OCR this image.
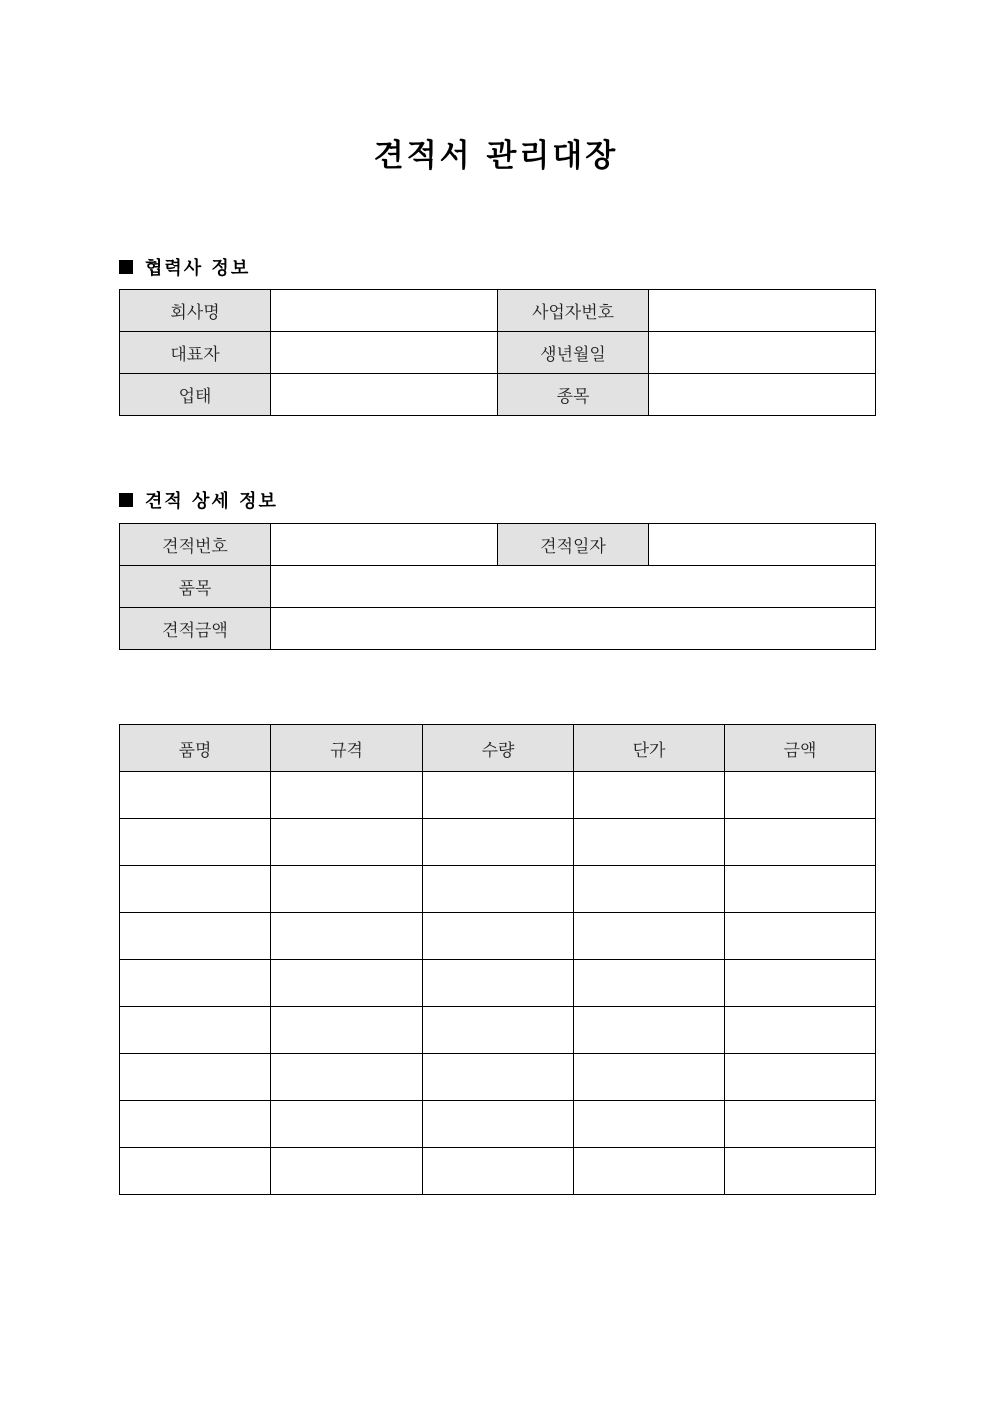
견적서 관리대장
협력사 정보
회사명		사업자번호	
대표자		생년월일	
업태		종목	
견적 상세 정보
견적번호		견적일자	
품목			
견적금액			
품명	규격	수량	단가	금액
